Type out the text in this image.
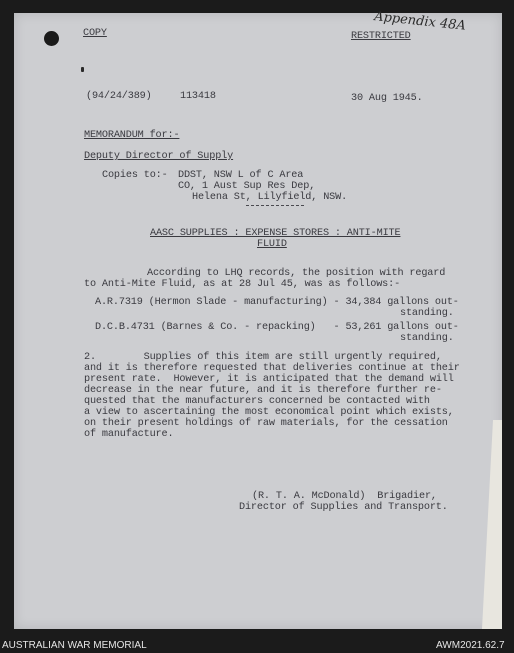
Appendix 48A
COPY	RESTRICTED
(94/24/389)	113418	30 Aug 1945.
MEMORANDUM for:-
Deputy Director of Supply
Copies to:- DDST, NSW L of C Area
CO, 1 Aust Sup Res Dep,
Helena St, Lilyfield, NSW.
AASC SUPPLIES : EXPENSE STORES : ANTI-MITE
FLUID
According to LHQ records, the position with regard
to Anti-Mite Fluid, as at 28 Jul 45, was as follows:-
A.R.7319 (Hermon Slade - manufacturing) - 34,384 gallons out-
standing.
D.C.B.4731 (Barnes & Co. - repacking)   - 53,261 gallons out-
standing.
2.        Supplies of this item are still urgently required,
and it is therefore requested that deliveries continue at their
present rate.  However, it is anticipated that the demand will
decrease in the near future, and it is therefore further re-
quested that the manufacturers concerned be contacted with
a view to ascertaining the most economical point which exists,
on their present holdings of raw materials, for the cessation
of manufacture.
(R. T. A. McDonald)  Brigadier,
Director of Supplies and Transport.
AUSTRALIAN WAR MEMORIAL	AWM2021.62.7
